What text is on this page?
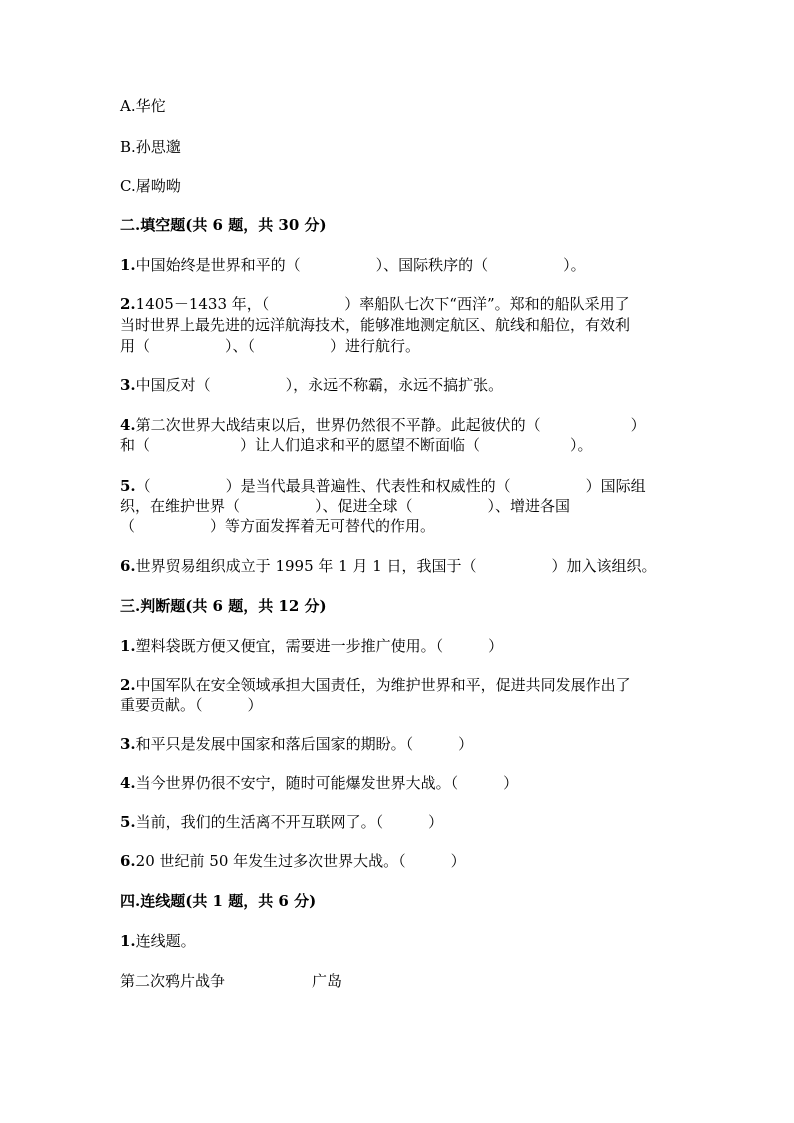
A.华佗
B.孙思邈
C.屠呦呦
二.填空题(共 6 题，共 30 分)
1.中国始终是世界和平的（　　　　　）、国际秩序的（　　　　　）。
2.1405－1433 年，（　　　　　）率船队七次下“西洋”。郑和的船队采用了
当时世界上最先进的远洋航海技术，能够准地测定航区、航线和船位，有效利
用（　　　　　）、（　　　　　）进行航行。
3.中国反对（　　　　　），永远不称霸，永远不搞扩张。
4.第二次世界大战结束以后，世界仍然很不平静。此起彼伏的（　　　　　　）
和（　　　　　　）让人们追求和平的愿望不断面临（　　　　　　）。
5.（　　　　　）是当代最具普遍性、代表性和权威性的（　　　　　）国际组
织，在维护世界（　　　　　）、促进全球（　　　　　）、增进各国
（　　　　　）等方面发挥着无可替代的作用。
6.世界贸易组织成立于 1995 年 1 月 1 日，我国于（　　　　　）加入该组织。
三.判断题(共 6 题，共 12 分)
1.塑料袋既方便又便宜，需要进一步推广使用。（　　　）
2.中国军队在安全领域承担大国责任，为维护世界和平，促进共同发展作出了
重要贡献。（　　　）
3.和平只是发展中国家和落后国家的期盼。（　　　）
4.当今世界仍很不安宁，随时可能爆发世界大战。（　　　）
5.当前，我们的生活离不开互联网了。（　　　）
6.20 世纪前 50 年发生过多次世界大战。（　　　）
四.连线题(共 1 题，共 6 分)
1.连线题。
第二次鸦片战争	广岛
